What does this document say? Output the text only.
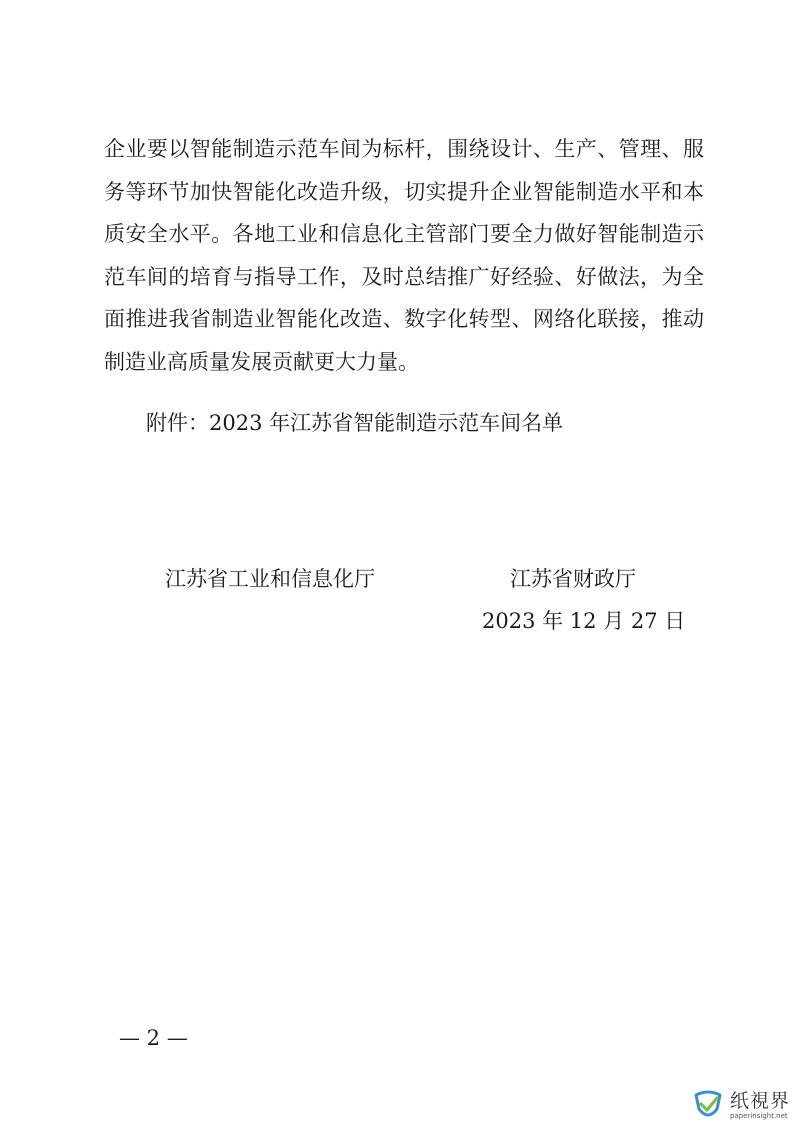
企业要以智能制造示范车间为标杆，围绕设计、生产、管理、服
务等环节加快智能化改造升级，切实提升企业智能制造水平和本
质安全水平。各地工业和信息化主管部门要全力做好智能制造示
范车间的培育与指导工作，及时总结推广好经验、好做法，为全
面推进我省制造业智能化改造、数字化转型、网络化联接，推动
制造业高质量发展贡献更大力量。
附件：2023 年江苏省智能制造示范车间名单
江苏省工业和信息化厅	江苏省财政厅
2023 年 12 月 27 日
— 2 —
纸視界
paperinsight.net
